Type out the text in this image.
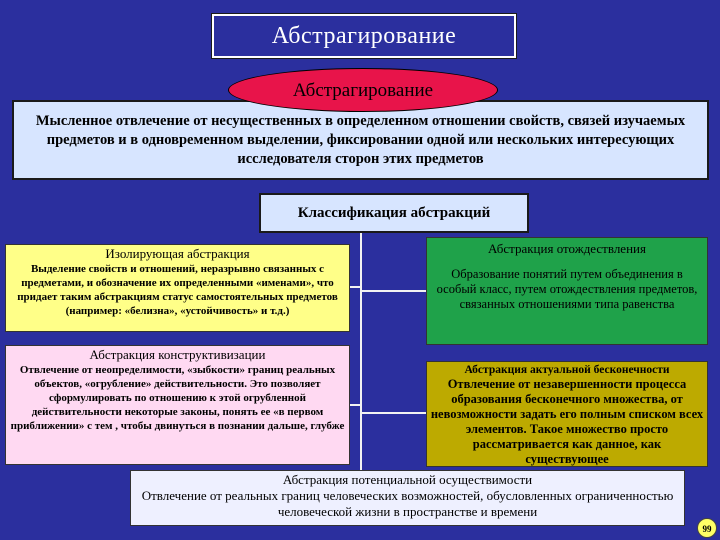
Абстрагирование
Мысленное отвлечение от несущественных в определенном отношении свойств, связей изучаемых предметов и в одновременном выделении, фиксировании одной или нескольких интересующих исследователя сторон этих предметов
Абстрагирование
Классификация абстракций
Изолирующая абстракция
Выделение свойств и отношений, неразрывно связанных с предметами, и обозначение их определенными «именами», что придает таким абстракциям статус самостоятельных предметов (например: «белизна», «устойчивость» и т.д.)
Абстракция конструктивизации
Отвлечение от неопределимости, «зыбкости» границ реальных объектов, «огрубление» действительности. Это позволяет сформулировать по отношению к этой огрубленной действительности некоторые законы, понять ее «в первом приближении» с тем , чтобы двинуться в познании дальше, глубже
Абстракция отождествления
Образование понятий путем объединения в особый класс, путем отождествления предметов, связанных отношениями типа равенства
Абстракция актуальной бесконечности
Отвлечение от незавершенности процесса образования бесконечного множества, от невозможности задать его полным списком всех элементов. Такое множество просто рассматривается как данное, как существующее
Абстракция потенциальной осуществимости
Отвлечение от реальных границ человеческих возможностей, обусловленных ограниченностью человеческой жизни в пространстве и времени
99
